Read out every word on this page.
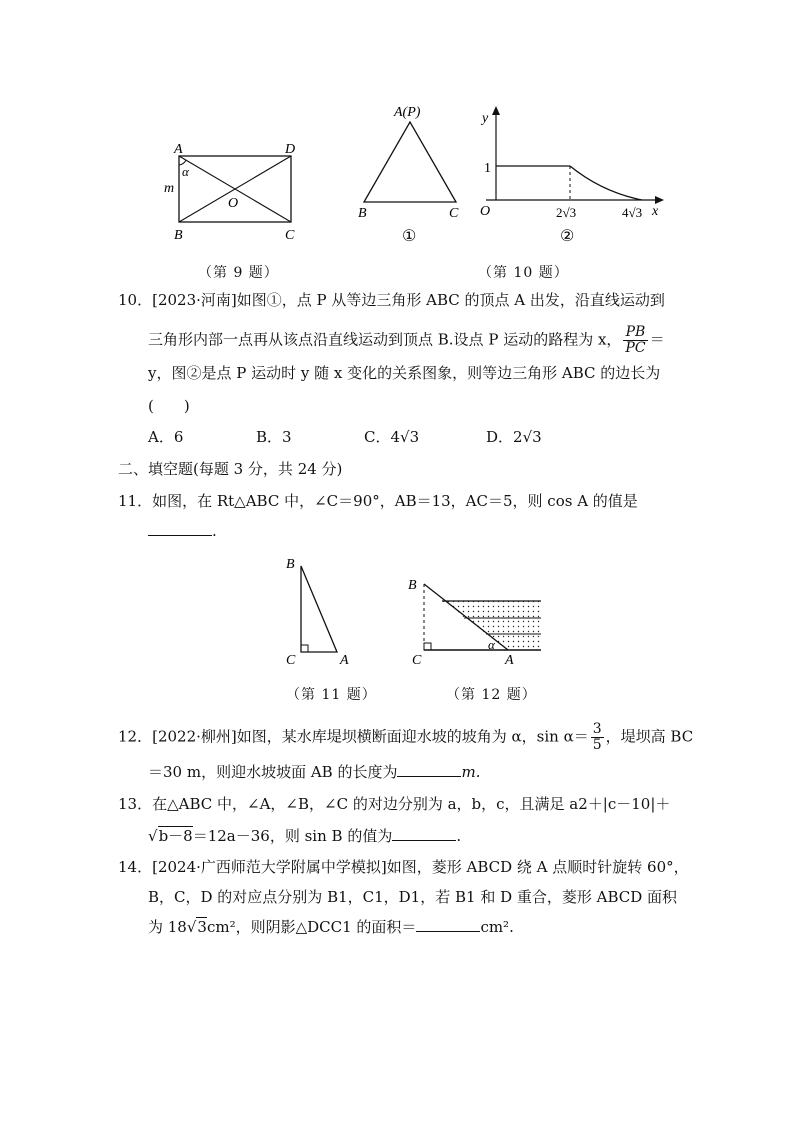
A	D
m
α
O
B	C
（第 9 题）
A(P)
B	C
①
y
1
O	x
2√3	4√3
②
（第 10 题）
10．[2023·河南]如图①，点 P 从等边三角形 ABC 的顶点 A 出发，沿直线运动到
三角形内部一点再从该点沿直线运动到顶点 B.设点 P 运动的路程为 x， $\frac{PB}{PC}$ ＝
y，图②是点 P 运动时 y 随 x 变化的关系图象，则等边三角形 ABC 的边长为
(　　)
A．6	B．3	C．4√3	D．2√3
二、填空题(每题 3 分，共 24 分)
11．如图，在 Rt△ABC 中，∠C＝90°，AB＝13，AC＝5，则 cos A 的值是
.
B
C	A
（第 11 题）
B
C	A
α
（第 12 题）
12．[2022·柳州]如图，某水库堤坝横断面迎水坡的坡角为 α，$\sin \alpha= \frac{3}{5}$ ，堤坝高 BC
＝30 m，则迎水坡坡面 AB 的长度为	m.
13．在△ABC 中，∠A，∠B，∠C 的对边分别为 a，b，c，且满足 a2＋|c－10|＋
√b－8＝12a－36，则 sin B 的值为	.
14．[2024·广西师范大学附属中学模拟]如图，菱形 ABCD 绕 A 点顺时针旋转 60°，
B，C，D 的对应点分别为 B1，C1，D1，若 B1 和 D 重合，菱形 ABCD 面积
为 18√3cm²，则阴影△DCC1 的面积＝	cm².
